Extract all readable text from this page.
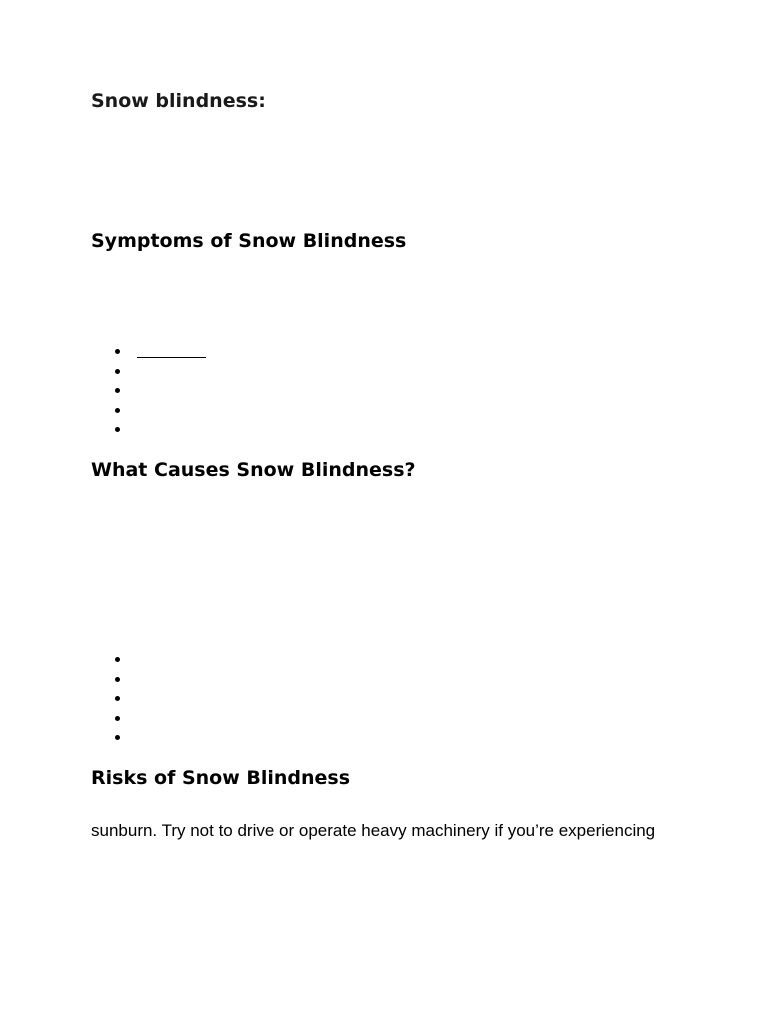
Snow blindness:
Symptoms of Snow Blindness
What Causes Snow Blindness?
Risks of Snow Blindness

sunburn. Try not to drive or operate heavy machinery if you’re experiencing
